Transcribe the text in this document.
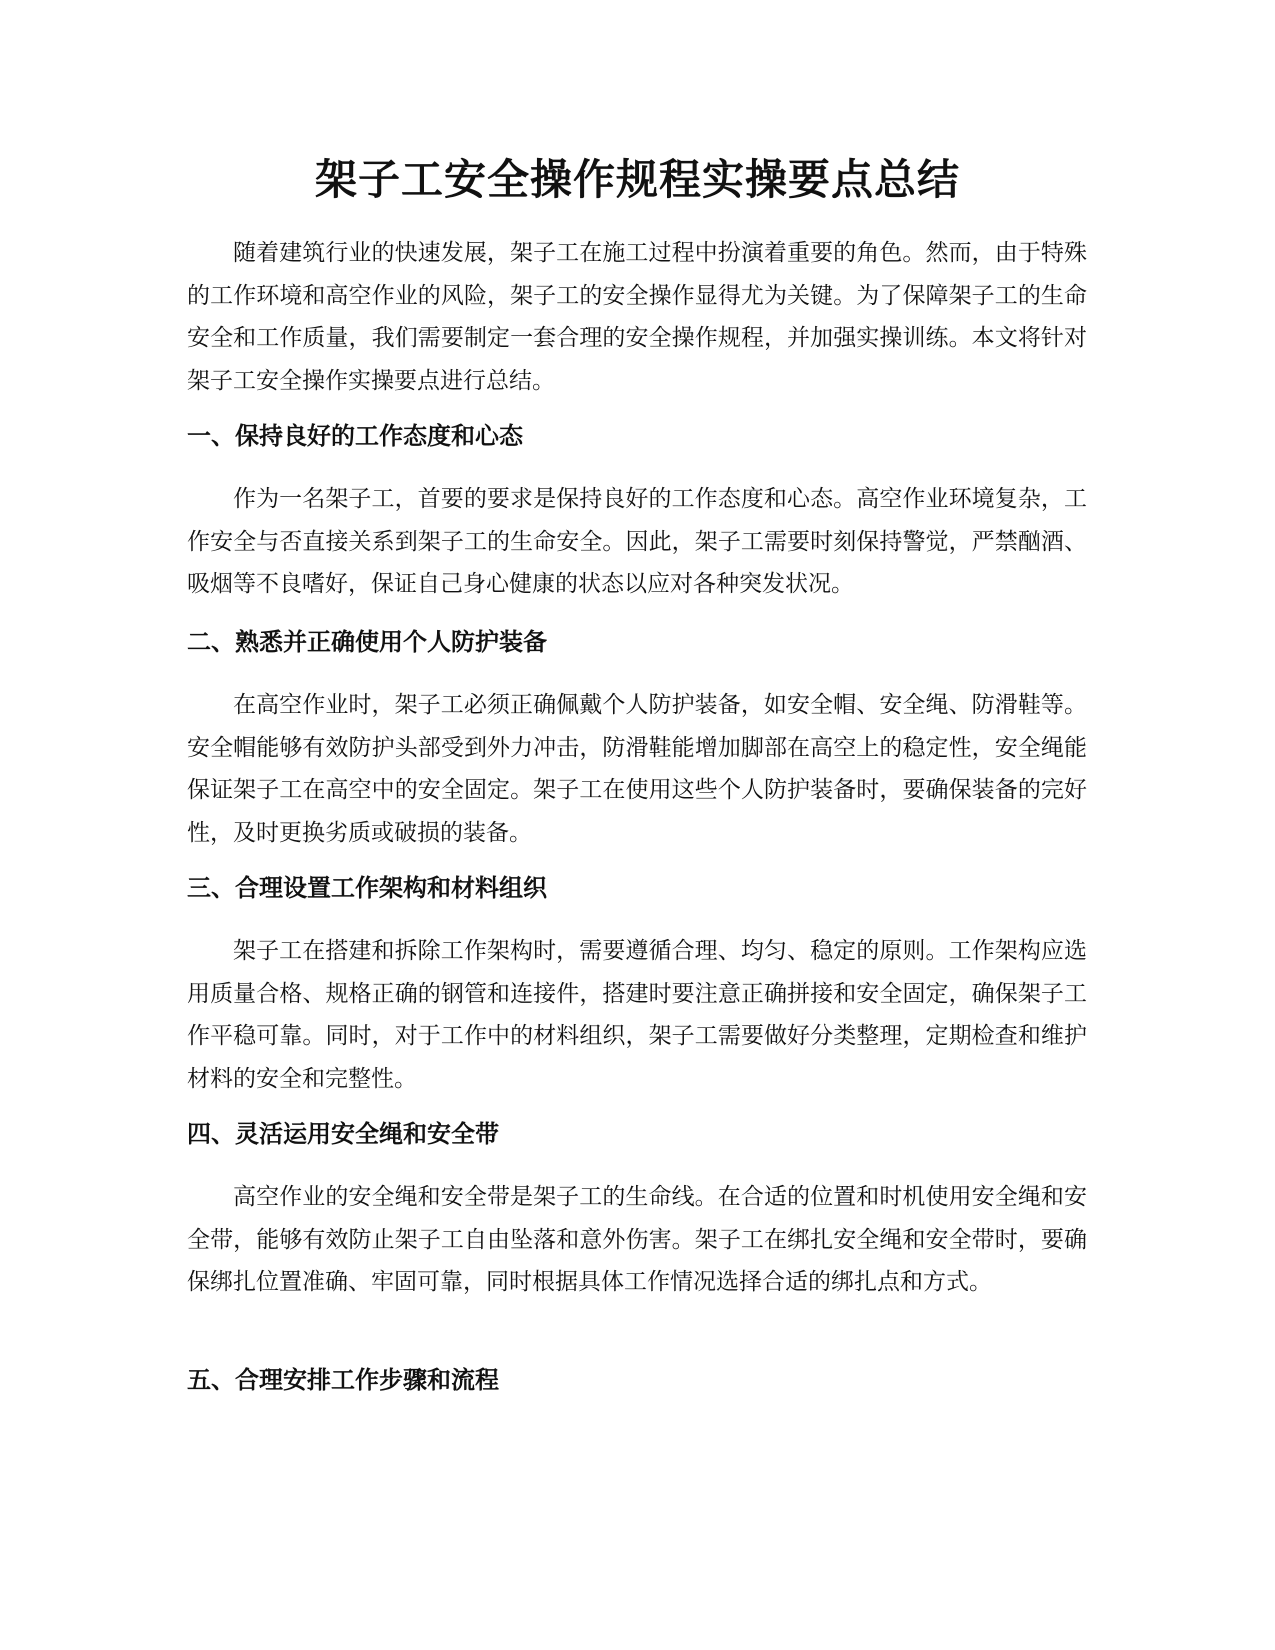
架子工安全操作规程实操要点总结

随着建筑行业的快速发展，架子工在施工过程中扮演着重要的角色。然而，由于特殊的工作环境和高空作业的风险，架子工的安全操作显得尤为关键。为了保障架子工的生命安全和工作质量，我们需要制定一套合理的安全操作规程，并加强实操训练。本文将针对架子工安全操作实操要点进行总结。

一、保持良好的工作态度和心态

作为一名架子工，首要的要求是保持良好的工作态度和心态。高空作业环境复杂，工作安全与否直接关系到架子工的生命安全。因此，架子工需要时刻保持警觉，严禁酗酒、吸烟等不良嗜好，保证自己身心健康的状态以应对各种突发状况。

二、熟悉并正确使用个人防护装备

在高空作业时，架子工必须正确佩戴个人防护装备，如安全帽、安全绳、防滑鞋等。安全帽能够有效防护头部受到外力冲击，防滑鞋能增加脚部在高空上的稳定性，安全绳能保证架子工在高空中的安全固定。架子工在使用这些个人防护装备时，要确保装备的完好性，及时更换劣质或破损的装备。

三、合理设置工作架构和材料组织

架子工在搭建和拆除工作架构时，需要遵循合理、均匀、稳定的原则。工作架构应选用质量合格、规格正确的钢管和连接件，搭建时要注意正确拼接和安全固定，确保架子工作平稳可靠。同时，对于工作中的材料组织，架子工需要做好分类整理，定期检查和维护材料的安全和完整性。

四、灵活运用安全绳和安全带

高空作业的安全绳和安全带是架子工的生命线。在合适的位置和时机使用安全绳和安全带，能够有效防止架子工自由坠落和意外伤害。架子工在绑扎安全绳和安全带时，要确保绑扎位置准确、牢固可靠，同时根据具体工作情况选择合适的绑扎点和方式。

五、合理安排工作步骤和流程
